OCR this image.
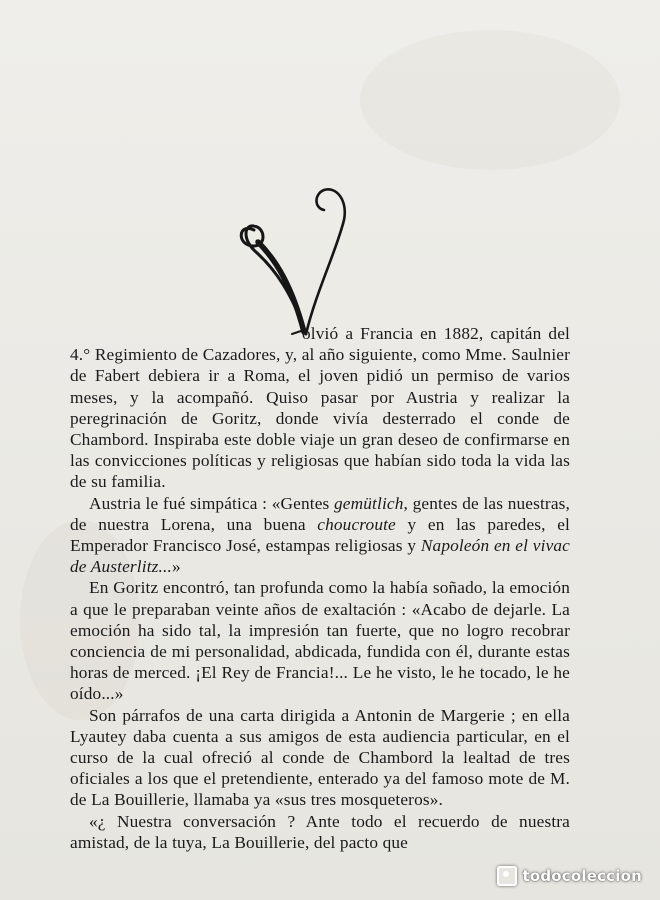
olvió a Francia en 1882, capitán del 4.° Regimiento de Cazadores, y, al año siguiente, como Mme. Saulnier de Fabert debiera ir a Roma, el joven pidió un permiso de varios meses, y la acompañó. Quiso pasar por Austria y realizar la peregrinación de Goritz, donde vivía desterrado el conde de Chambord. Inspiraba este doble viaje un gran deseo de confirmarse en las convicciones políticas y religiosas que habían sido toda la vida las de su familia.

Austria le fué simpática : «Gentes gemütlich, gentes de las nuestras, de nuestra Lorena, una buena choucroute y en las paredes, el Emperador Francisco José, estampas religiosas y Napoleón en el vivac de Austerlitz...»

En Goritz encontró, tan profunda como la había soñado, la emoción a que le preparaban veinte años de exaltación : «Acabo de dejarle. La emoción ha sido tal, la impresión tan fuerte, que no logro recobrar conciencia de mi personalidad, abdicada, fundida con él, durante estas horas de merced. ¡El Rey de Francia!... Le he visto, le he tocado, le he oído...»

Son párrafos de una carta dirigida a Antonin de Margerie ; en ella Lyautey daba cuenta a sus amigos de esta audiencia particular, en el curso de la cual ofreció al conde de Chambord la lealtad de tres oficiales a los que el pretendiente, enterado ya del famoso mote de M. de La Bouillerie, llamaba ya «sus tres mosqueteros».

«¿ Nuestra conversación ? Ante todo el recuerdo de nuestra amistad, de la tuya, La Bouillerie, del pacto que

todocoleccion
